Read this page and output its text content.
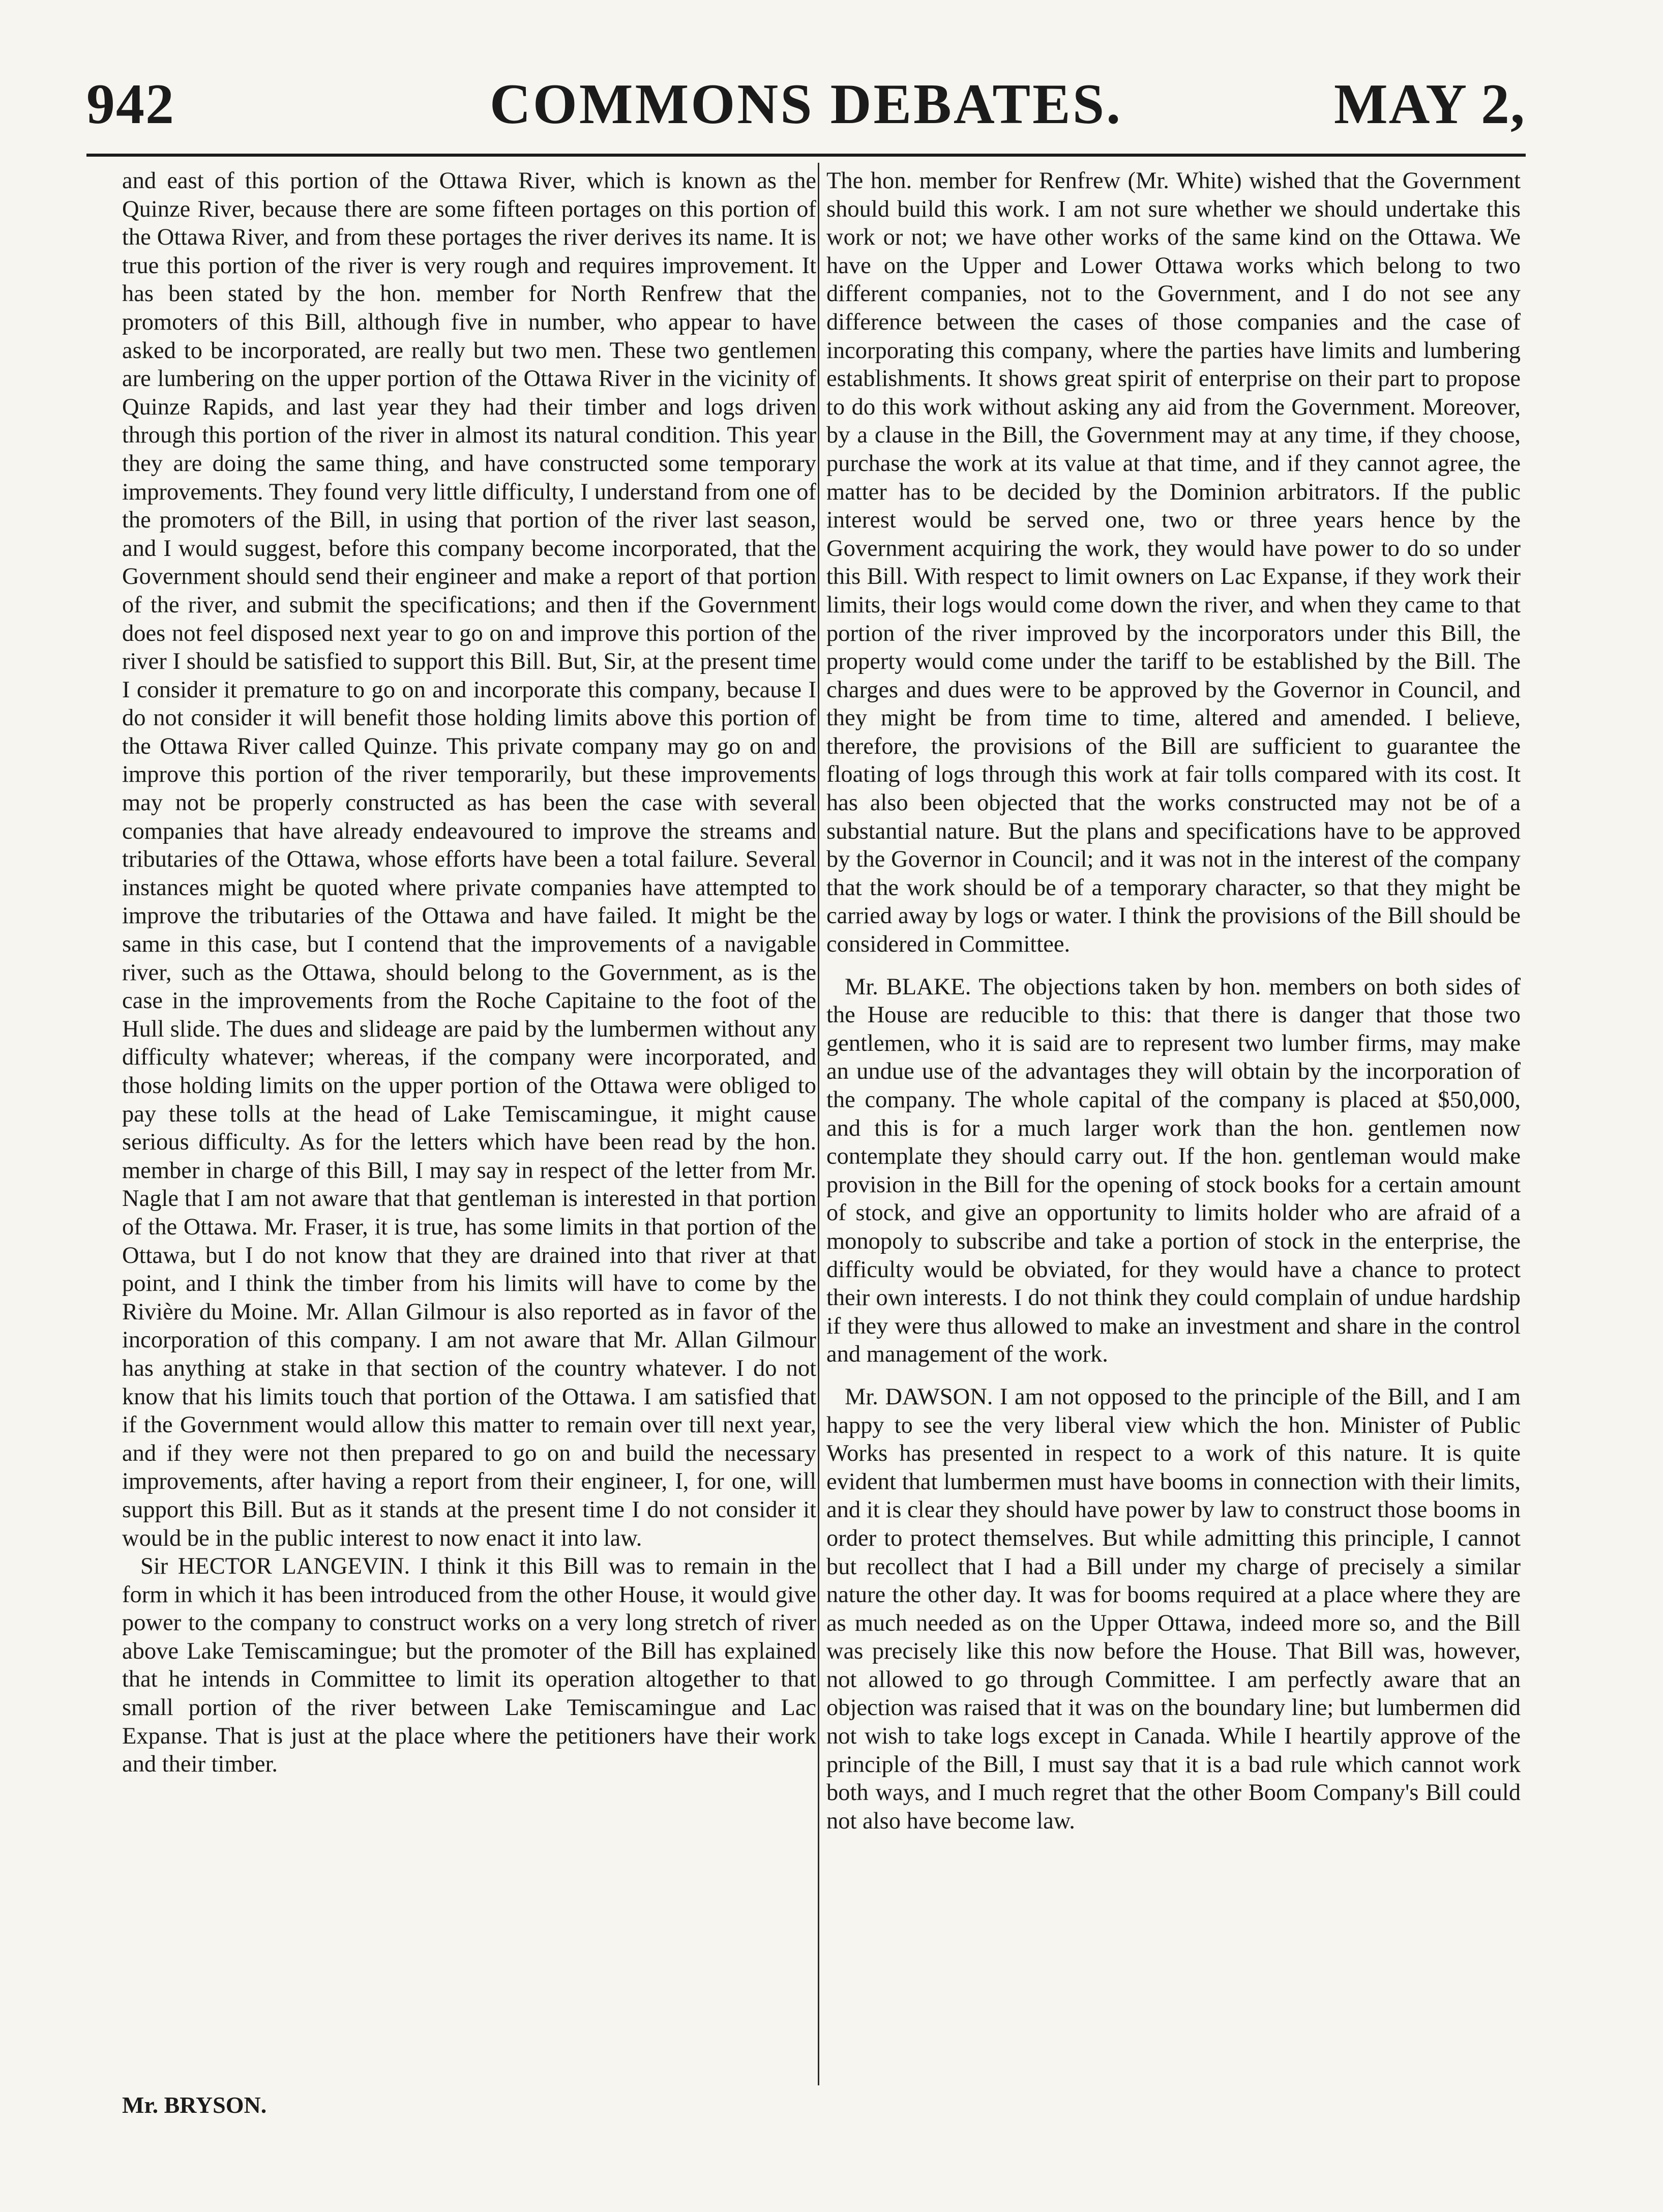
942	COMMONS DEBATES.	MAY 2,

and east of this portion of the Ottawa River, which is known as the Quinze River, because there are some fifteen portages on this portion of the Ottawa River, and from these portages the river derives its name. It is true this portion of the river is very rough and requires improvement. It has been stated by the hon. member for North Renfrew that the promoters of this Bill, although five in number, who appear to have asked to be incorporated, are really but two men. These two gentlemen are lumbering on the upper portion of the Ottawa River in the vicinity of Quinze Rapids, and last year they had their timber and logs driven through this portion of the river in almost its natural condition. This year they are doing the same thing, and have constructed some temporary improvements. They found very little difficulty, I understand from one of the promoters of the Bill, in using that portion of the river last season, and I would suggest, before this company become incorporated, that the Government should send their engineer and make a report of that portion of the river, and submit the specifications; and then if the Government does not feel disposed next year to go on and improve this portion of the river I should be satisfied to support this Bill. But, Sir, at the present time I consider it premature to go on and incorporate this company, because I do not consider it will benefit those holding limits above this portion of the Ottawa River called Quinze. This private company may go on and improve this portion of the river temporarily, but these improvements may not be properly constructed as has been the case with several companies that have already endeavoured to improve the streams and tributaries of the Ottawa, whose efforts have been a total failure. Several instances might be quoted where private companies have attempted to improve the tributaries of the Ottawa and have failed. It might be the same in this case, but I contend that the improvements of a navigable river, such as the Ottawa, should belong to the Government, as is the case in the improvements from the Roche Capitaine to the foot of the Hull slide. The dues and slideage are paid by the lumbermen without any difficulty whatever; whereas, if the company were incorporated, and those holding limits on the upper portion of the Ottawa were obliged to pay these tolls at the head of Lake Temiscamingue, it might cause serious difficulty. As for the letters which have been read by the hon. member in charge of this Bill, I may say in respect of the letter from Mr. Nagle that I am not aware that that gentleman is interested in that portion of the Ottawa. Mr. Fraser, it is true, has some limits in that portion of the Ottawa, but I do not know that they are drained into that river at that point, and I think the timber from his limits will have to come by the Rivière du Moine. Mr. Allan Gilmour is also reported as in favor of the incorporation of this company. I am not aware that Mr. Allan Gilmour has anything at stake in that section of the country whatever. I do not know that his limits touch that portion of the Ottawa. I am satisfied that if the Government would allow this matter to remain over till next year, and if they were not then prepared to go on and build the necessary improvements, after having a report from their engineer, I, for one, will support this Bill. But as it stands at the present time I do not consider it would be in the public interest to now enact it into law.

Sir HECTOR LANGEVIN. I think it this Bill was to remain in the form in which it has been introduced from the other House, it would give power to the company to construct works on a very long stretch of river above Lake Temiscamingue; but the promoter of the Bill has explained that he intends in Committee to limit its operation altogether to that small portion of the river between Lake Temiscamingue and Lac Expanse. That is just at the place where the petitioners have their work and their timber.

The hon. member for Renfrew (Mr. White) wished that the Government should build this work. I am not sure whether we should undertake this work or not; we have other works of the same kind on the Ottawa. We have on the Upper and Lower Ottawa works which belong to two different companies, not to the Government, and I do not see any difference between the cases of those companies and the case of incorporating this company, where the parties have limits and lumbering establishments. It shows great spirit of enterprise on their part to propose to do this work without asking any aid from the Government. Moreover, by a clause in the Bill, the Government may at any time, if they choose, purchase the work at its value at that time, and if they cannot agree, the matter has to be decided by the Dominion arbitrators. If the public interest would be served one, two or three years hence by the Government acquiring the work, they would have power to do so under this Bill. With respect to limit owners on Lac Expanse, if they work their limits, their logs would come down the river, and when they came to that portion of the river improved by the incorporators under this Bill, the property would come under the tariff to be established by the Bill. The charges and dues were to be approved by the Governor in Council, and they might be from time to time, altered and amended. I believe, therefore, the provisions of the Bill are sufficient to guarantee the floating of logs through this work at fair tolls compared with its cost. It has also been objected that the works constructed may not be of a substantial nature. But the plans and specifications have to be approved by the Governor in Council; and it was not in the interest of the company that the work should be of a temporary character, so that they might be carried away by logs or water. I think the provisions of the Bill should be considered in Committee.

Mr. BLAKE. The objections taken by hon. members on both sides of the House are reducible to this: that there is danger that those two gentlemen, who it is said are to represent two lumber firms, may make an undue use of the advantages they will obtain by the incorporation of the company. The whole capital of the company is placed at $50,000, and this is for a much larger work than the hon. gentlemen now contemplate they should carry out. If the hon. gentleman would make provision in the Bill for the opening of stock books for a certain amount of stock, and give an opportunity to limits holder who are afraid of a monopoly to subscribe and take a portion of stock in the enterprise, the difficulty would be obviated, for they would have a chance to protect their own interests. I do not think they could complain of undue hardship if they were thus allowed to make an investment and share in the control and management of the work.

Mr. DAWSON. I am not opposed to the principle of the Bill, and I am happy to see the very liberal view which the hon. Minister of Public Works has presented in respect to a work of this nature. It is quite evident that lumbermen must have booms in connection with their limits, and it is clear they should have power by law to construct those booms in order to protect themselves. But while admitting this principle, I cannot but recollect that I had a Bill under my charge of precisely a similar nature the other day. It was for booms required at a place where they are as much needed as on the Upper Ottawa, indeed more so, and the Bill was precisely like this now before the House. That Bill was, however, not allowed to go through Committee. I am perfectly aware that an objection was raised that it was on the boundary line; but lumbermen did not wish to take logs except in Canada. While I heartily approve of the principle of the Bill, I must say that it is a bad rule which cannot work both ways, and I much regret that the other Boom Company's Bill could not also have become law.

Mr. BRYSON.
